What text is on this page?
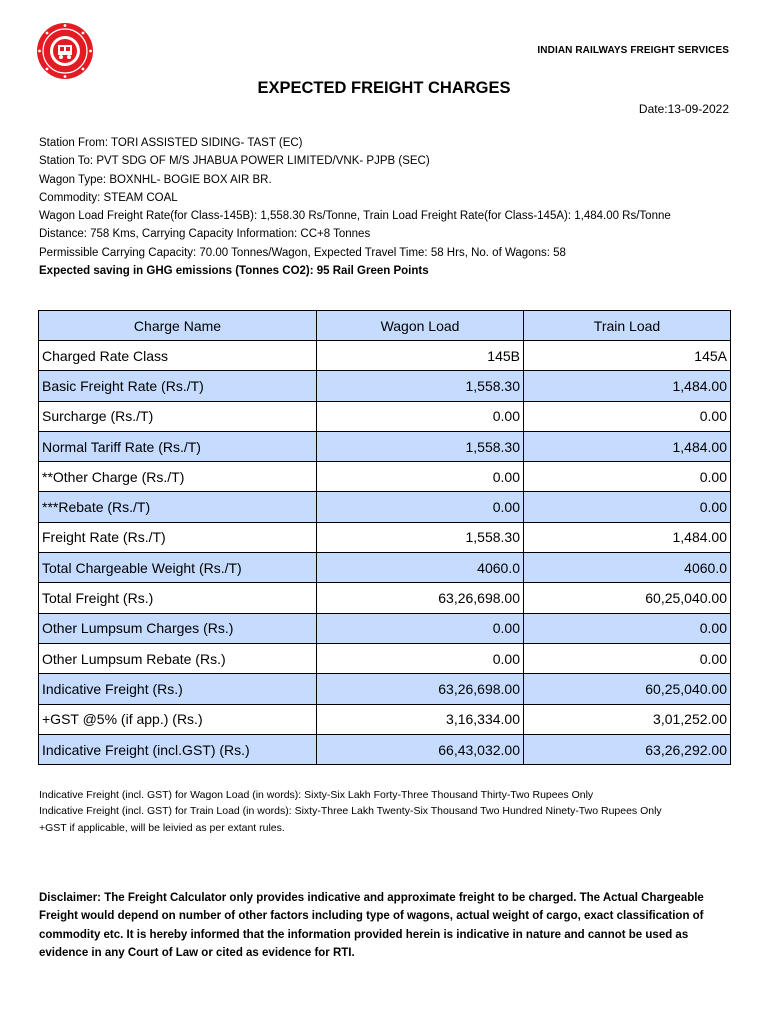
INDIAN RAILWAYS FREIGHT SERVICES
EXPECTED FREIGHT CHARGES
Date:13-09-2022
Station From: TORI ASSISTED SIDING- TAST (EC)
Station To: PVT SDG OF M/S JHABUA POWER LIMITED/VNK- PJPB (SEC)
Wagon Type: BOXNHL- BOGIE BOX AIR BR.
Commodity: STEAM COAL
Wagon Load Freight Rate(for Class-145B): 1,558.30 Rs/Tonne, Train Load Freight Rate(for Class-145A): 1,484.00 Rs/Tonne
Distance: 758 Kms, Carrying Capacity Information: CC+8 Tonnes
Permissible Carrying Capacity: 70.00 Tonnes/Wagon, Expected Travel Time: 58 Hrs, No. of Wagons: 58
Expected saving in GHG emissions (Tonnes CO2): 95 Rail Green Points
Charge Name	Wagon Load	Train Load
Charged Rate Class	145B	145A
Basic Freight Rate (Rs./T)	1,558.30	1,484.00
Surcharge (Rs./T)	0.00	0.00
Normal Tariff Rate (Rs./T)	1,558.30	1,484.00
**Other Charge (Rs./T)	0.00	0.00
***Rebate (Rs./T)	0.00	0.00
Freight Rate (Rs./T)	1,558.30	1,484.00
Total Chargeable Weight (Rs./T)	4060.0	4060.0
Total Freight (Rs.)	63,26,698.00	60,25,040.00
Other Lumpsum Charges (Rs.)	0.00	0.00
Other Lumpsum Rebate (Rs.)	0.00	0.00
Indicative Freight (Rs.)	63,26,698.00	60,25,040.00
+GST @5% (if app.) (Rs.)	3,16,334.00	3,01,252.00
Indicative Freight (incl.GST) (Rs.)	66,43,032.00	63,26,292.00
Indicative Freight (incl. GST) for Wagon Load (in words): Sixty-Six Lakh Forty-Three Thousand Thirty-Two Rupees Only
Indicative Freight (incl. GST) for Train Load (in words): Sixty-Three Lakh Twenty-Six Thousand Two Hundred Ninety-Two Rupees Only
+GST if applicable, will be leivied as per extant rules.
Disclaimer: The Freight Calculator only provides indicative and approximate freight to be charged. The Actual Chargeable Freight would depend on number of other factors including type of wagons, actual weight of cargo, exact classification of commodity etc. It is hereby informed that the information provided herein is indicative in nature and cannot be used as evidence in any Court of Law or cited as evidence for RTI.
